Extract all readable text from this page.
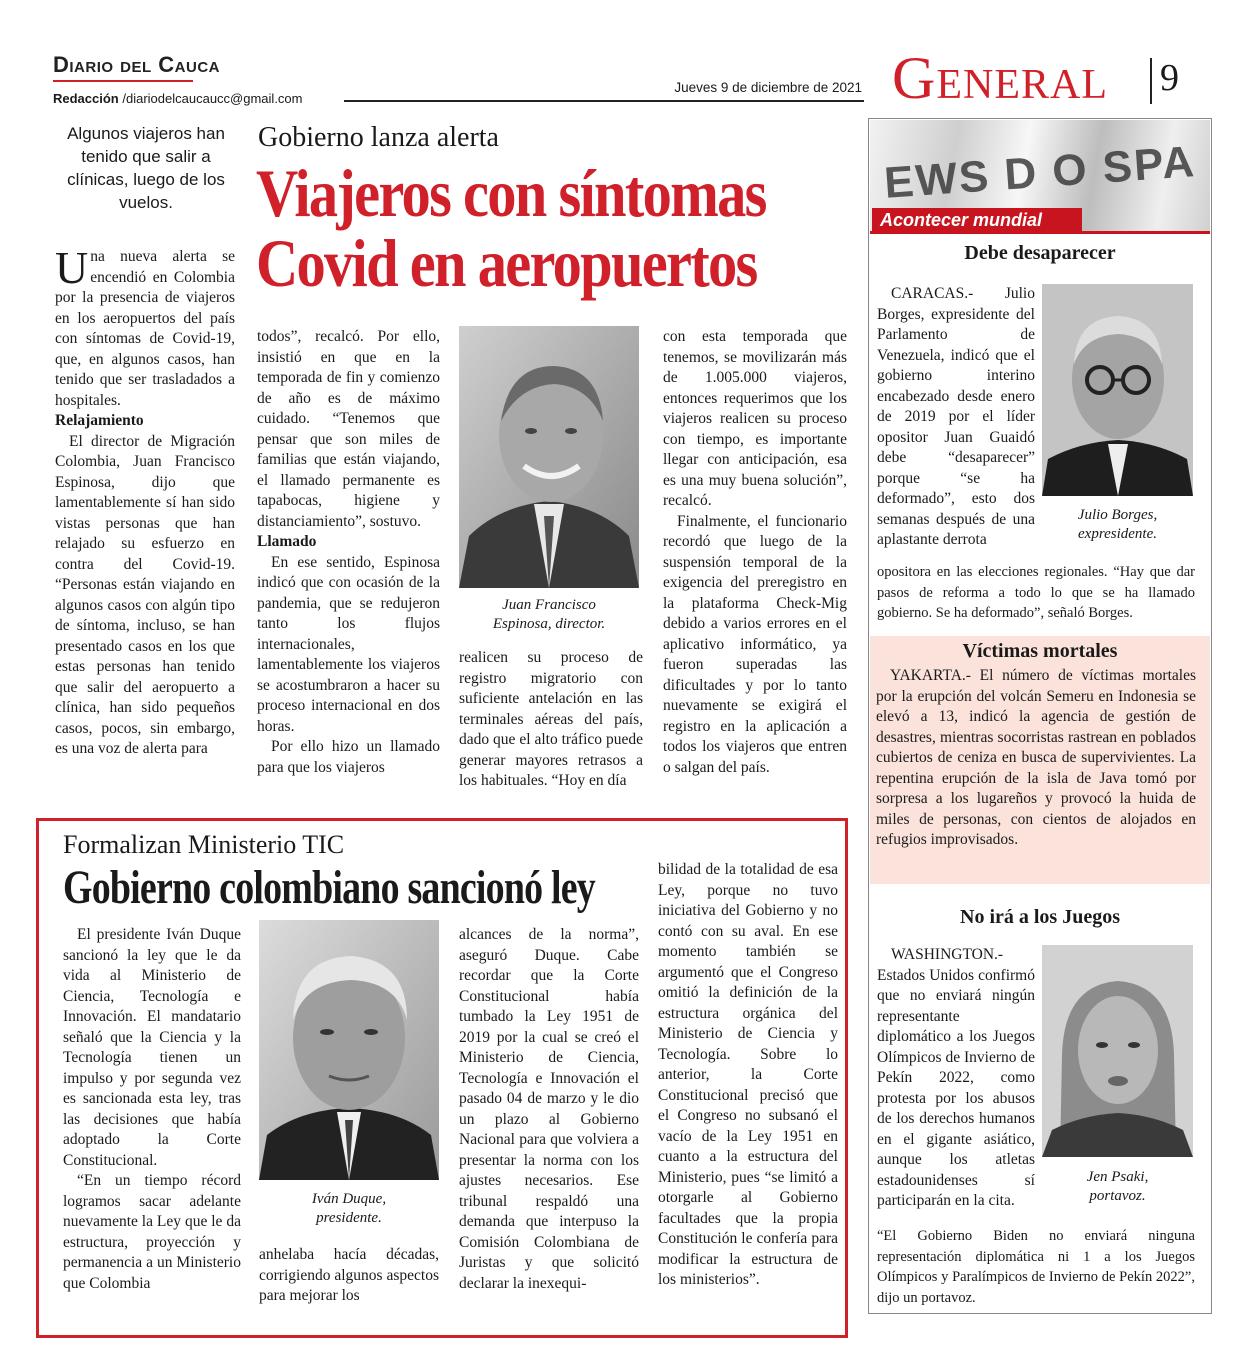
Diario del Cauca
Redacción /diariodelcaucaucc@gmail.com
Jueves 9 de diciembre de 2021 General 9
Algunos viajeros han tenido que salir a clínicas, luego de los vuelos.
Gobierno lanza alerta
Viajeros con síntomas
Covid en aeropuertos

Una nueva alerta se encendió en Colombia por la presencia de viajeros en los aeropuertos del país con síntomas de Covid-19, que, en algunos casos, han tenido que ser trasladados a hospitales.

Relajamiento

El director de Migración Colombia, Juan Francisco Espinosa, dijo que lamentablemente sí han sido vistas personas que han relajado su esfuerzo en contra del Covid-19. “Personas están viajando en algunos casos con algún tipo de síntoma, incluso, se han presentado casos en los que estas personas han tenido que salir del aeropuerto a clínica, han sido pequeños casos, pocos, sin embargo, es una voz de alerta para

todos”, recalcó. Por ello, insistió en que en la temporada de fin y comienzo de año es de máximo cuidado. “Tenemos que pensar que son miles de familias que están viajando, el llamado permanente es tapabocas, higiene y distanciamiento”, sostuvo.

Llamado

En ese sentido, Espinosa indicó que con ocasión de la pandemia, que se redujeron tanto los flujos internacionales, lamentablemente los viajeros se acostumbraron a hacer su proceso internacional en dos horas.

Por ello hizo un llamado para que los viajeros

Juan Francisco
Espinosa, director.

realicen su proceso de registro migratorio con suficiente antelación en las terminales aéreas del país, dado que el alto tráfico puede generar mayores retrasos a los habituales. “Hoy en día

con esta temporada que tenemos, se movilizarán más de 1.005.000 viajeros, entonces requerimos que los viajeros realicen su proceso con tiempo, es importante llegar con anticipación, esa es una muy buena solución”, recalcó.

Finalmente, el funcionario recordó que luego de la suspensión temporal de la exigencia del preregistro en la plataforma Check-Mig debido a varios errores en el aplicativo informático, ya fueron superadas las dificultades y por lo tanto nuevamente se exigirá el registro en la aplicación a todos los viajeros que entren o salgan del país.

Formalizan Ministerio TIC
Gobierno colombiano sancionó ley

El presidente Iván Duque sancionó la ley que le da vida al Ministerio de Ciencia, Tecnología e Innovación. El mandatario señaló que la Ciencia y la Tecnología tienen un impulso y por segunda vez es sancionada esta ley, tras las decisiones que había adoptado la Corte Constitucional.

“En un tiempo récord logramos sacar adelante nuevamente la Ley que le da estructura, proyección y permanencia a un Ministerio que Colombia

Iván Duque,
presidente.

anhelaba hacía décadas, corrigiendo algunos aspectos para mejorar los

alcances de la norma”, aseguró Duque. Cabe recordar que la Corte Constitucional había tumbado la Ley 1951 de 2019 por la cual se creó el Ministerio de Ciencia, Tecnología e Innovación el pasado 04 de marzo y le dio un plazo al Gobierno Nacional para que volviera a presentar la norma con los ajustes necesarios. Ese tribunal respaldó una demanda que interpuso la Comisión Colombiana de Juristas y que solicitó declarar la inexequi-

bilidad de la totalidad de esa Ley, porque no tuvo iniciativa del Gobierno y no contó con su aval. En ese momento también se argumentó que el Congreso omitió la definición de la estructura orgánica del Ministerio de Ciencia y Tecnología. Sobre lo anterior, la Corte Constitucional precisó que el Congreso no subsanó el vacío de la Ley 1951 en cuanto a la estructura del Ministerio, pues “se limitó a otorgarle al Gobierno facultades que la propia Constitución le confería para modificar la estructura de los ministerios”.

EWS D O SPA
Acontecer mundial
Debe desaparecer

CARACAS.- Julio Borges, expresidente del Parlamento de Venezuela, indicó que el gobierno interino encabezado desde enero de 2019 por el líder opositor Juan Guaidó debe “desaparecer” porque “se ha deformado”, esto dos semanas después de una aplastante derrota

Julio Borges,
expresidente.

opositora en las elecciones regionales. “Hay que dar pasos de reforma a todo lo que se ha llamado gobierno. Se ha deformado”, señaló Borges.

Víctimas mortales

YAKARTA.- El número de víctimas mortales por la erupción del volcán Semeru en Indonesia se elevó a 13, indicó la agencia de gestión de desastres, mientras socorristas rastrean en poblados cubiertos de ceniza en busca de supervivientes. La repentina erupción de la isla de Java tomó por sorpresa a los lugareños y provocó la huida de miles de personas, con cientos de alojados en refugios improvisados.

No irá a los Juegos

WASHINGTON.- Estados Unidos confirmó que no enviará ningún representante diplomático a los Juegos Olímpicos de Invierno de Pekín 2022, como protesta por los abusos de los derechos humanos en el gigante asiático, aunque los atletas estadounidenses sí participarán en la cita.

Jen Psaki,
portavoz.

“El Gobierno Biden no enviará ninguna representación diplomática ni 1 a los Juegos Olímpicos y Paralímpicos de Invierno de Pekín 2022”, dijo un portavoz.
